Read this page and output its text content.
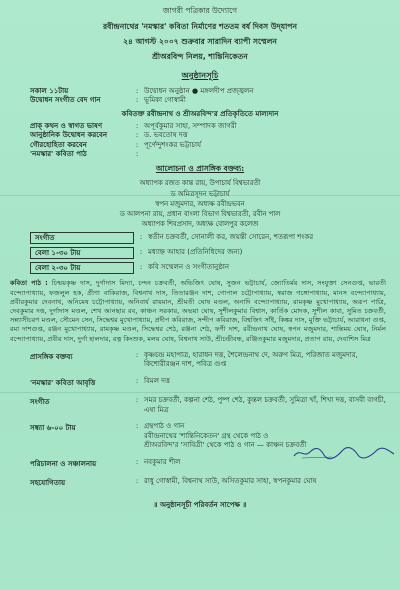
জাগরী পত্রিকার উদ্যোগে
রবীন্দ্রনাথের 'নমস্কার' কবিতা নির্মাণের শততম বর্ষ দিবস উদ্‌যাপন
২৪ আগস্ট ২০০৭ শুক্রবার সারাদিন ব্যাপী সম্মেলন
শ্রীঅরবিন্দ নিলয়, শান্তিনিকেতন
অনুষ্ঠানসূচি
সকাল ১১টায়	: উদ্বোধন অনুষ্ঠান ● মঙ্গলদীপ প্রজ্জ্বলন
উদ্বোধন সংগীত বেদ গান	: ভূমিকা গোস্বামী
কবিতক্ত রবীন্দ্রনাথ ও শ্রীঅরবিন্দ'র প্রতিকৃতিতে মাল্যদান
প্রাক্‌ কথন ও স্বাগত ভাষণ	: অপূর্বকুমার সাহা, সম্পাদক জাগরী
আনুষ্ঠানিক উদ্বোধন করবেন	: ড. ভবতোষ দত্ত
গৌরহোহিতা করবেন	: পূর্ণেন্দুশংকর ভট্টাচার্য
'নমস্কার' কবিতা পাঠ	:
আলোচনা ও প্রাসঙ্গিক বক্তব্য:
অধ্যাপক রজত কান্ত রায়, উপাচার্য বিশ্বভারতী
ড অমিত্রসূদন ভট্টাচার্য
স্বপন মজুমদার, অধ্যক্ষ রবীন্দ্রভবন
ড আলপনা রায়, প্রধান বাংলা বিভাগ বিশ্বভারতী, রবীন পাল
অধ্যাপক শিবপ্রসাদ, অধ্যক্ষ বোলপুর কলেজ
সংগীত	: স্বতীন চক্রবর্তী, সোনালী কর, জয়ন্তী সোরেন, শতরূপা শংকর
বেলা ১-৩০ টায়	: মধ্যাহ্ন আহার (প্রতিনিধিদের জন্য)
বেলা ২-৩০ টায়	: কবি সম্মেলন ও সংগীতানুষ্ঠান
কবিতা পাঠ : চিন্ময়কৃষ্ণ দাস, দুর্গাদাস মিদ্যা, চন্দন চক্রবর্তী, অভিজিৎ ঘোষ, সুজন ভট্টাচার্য, জ্যোতির্ময় দাস, সংযুক্তা সেনগুপ্ত, ভারতী বন্দ্যোপাধ্যায়, ফজলুল হক, প্রীণা বাকিরাজ, বিশ্বনাথ দাস, তিতারঞ্জন দাশ, গোপাল চট্টোপাধ্যায়, স্বরাজ গঙ্গোপাধ্যায়, মানস বন্দ্যোপাধ্যায়, প্রবীরকুমার দেবনাথ, অনিমেষ চট্টোপাধ্যায়, অনিবার্য রায়মান, শ্রীমতী ঘোষ মণ্ডল, অনাদি বন্দ্যোপাধ্যায়, রামকৃষ্ণ মুখোপাধ্যায়, অরূপ পাত্রি, দেবকুমার দত্ত, দুর্গাদাস মণ্ডল, শেখ আনছার রব, কাঞ্চন সরকার, অভয়া ঘোষ, সুশীলকুমার বিশ্বাস, কার্তিক মোদক, সুশীল কাবা, সুমিত চক্রবর্তী, সন্ন্যাসীচরণ মণ্ডল, সৌমেন সেন, সিদ্ধেশ্বর মুখোপাধ্যায়, প্রদীপ কবিরাজ, সন্দীপ কবিরাজ, বিশ্বজিৎ সাঁই, কিঙ্কর দাস, মুক্তি ভট্টাচার্য, আরাধনা গুপ্ত, রমা দাশগুপ্ত, রঞ্জন মুখোপাধ্যায়, রামকৃষ্ণ মণ্ডল, সিদ্ধেশ্বর শেঠ, রঞ্জনা শেঠ, ফণী দাশ, রবীন্দ্রনাথ ঘোষ, স্বপন মজুমদার, শান্তিময় ঘোষ, নির্মল বন্দ্যোপাধ্যায়, প্রবীর দাস, দুর্গা হালদার, রত্ন কিংশুক, মলয় ঘোষ, বিশ্বনাথ সাউ, শ্রীচন্দ্রীবন্ধ, রঞ্জিতকুমার মজুমদার, প্রতাপ রায়, দেবাশিস মিত্র
প্রাসঙ্গিক বক্তব্য	: কৃষ্ণচন্দ্র মহাপাত্র, হারাধন দত্ত, শৈলেন্দ্রনাথ দে, অরুণ মিত্র, পরিজাত মজুমদার, কিশোরীরঞ্জন দাশ, পবিত্র গুপ্ত
'নমস্কার' কবিতা আবৃত্তি	: বিমল দত্ত
সংগীত	: সমর চক্রবর্তী, কল্পনা শেঠ, পুষ্প শেঠ, কুন্তল চক্রবর্তী, সুমিত্রা খাঁ, শিখা দত্ত, বাসবী বাগচী, এষা মিত্র
সন্ধ্যা ৬-০০ টায়	: গ্রন্থপাঠ ও গান
রবীন্দ্রনাথের 'শান্তিনিকেতন' গ্রন্থ থেকে পাঠ ও
শ্রীঅরবিন্দ'র 'সাবিত্রী' থেকে পাঠ ও গান — কাঞ্চন চক্রবর্তী
পরিচালনা ও সঞ্চালনায়	: নবকুমার শীল
সহযোগিতায়	: রাধু গোস্বামী, বিশ্বনাথ সাউ, অসিতকুমার সাহা, স্বপনকুমার ঘোষ
॥ অনুষ্ঠানসূচী পরিবর্তন সাপেক্ষ ॥
